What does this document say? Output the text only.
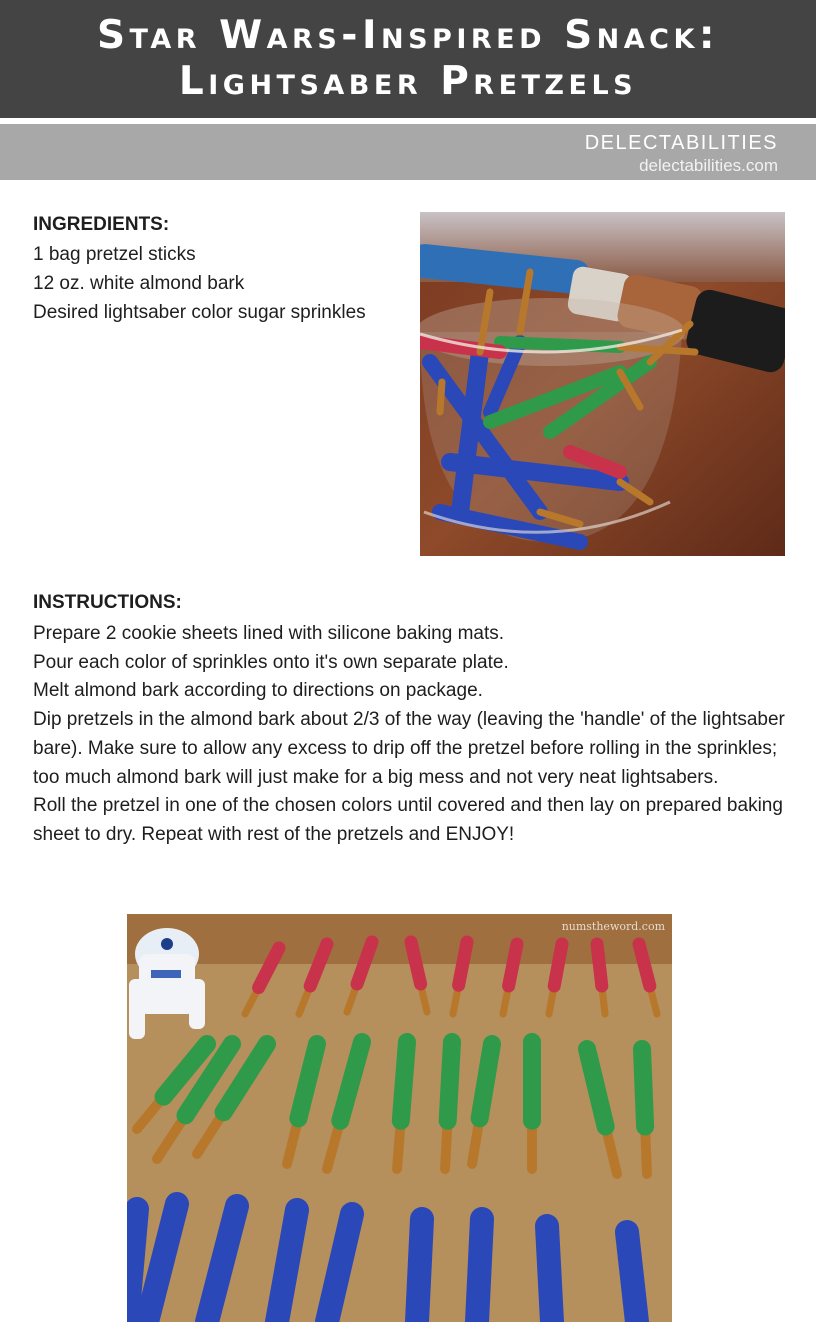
Star Wars-Inspired Snack:
Lightsaber Pretzels
DELECTABILITIES
delectabilities.com
INGREDIENTS:
1 bag pretzel sticks
12 oz. white almond bark
Desired lightsaber color sugar sprinkles
INSTRUCTIONS:
Prepare 2 cookie sheets lined with silicone baking mats.
Pour each color of sprinkles onto it's own separate plate.
Melt almond bark according to directions on package.
Dip pretzels in the almond bark about 2/3 of the way (leaving the 'handle' of the lightsaber bare). Make sure to allow any excess to drip off the pretzel before rolling in the sprinkles; too much almond bark will just make for a big mess and not very neat lightsabers.
Roll the pretzel in one of the chosen colors until covered and then lay on prepared baking sheet to dry. Repeat with rest of the pretzels and ENJOY!
numstheword.com
